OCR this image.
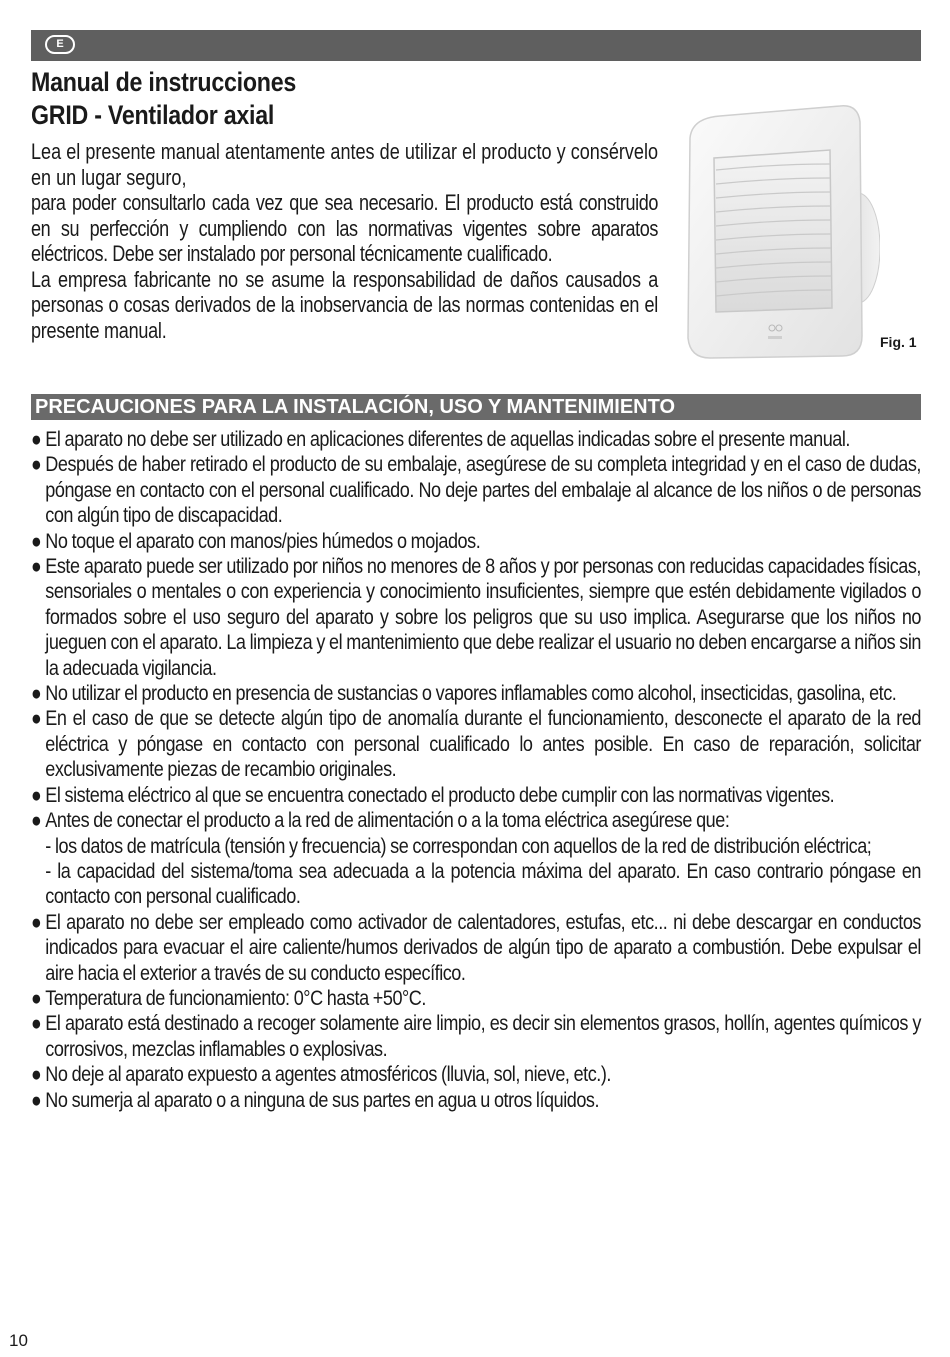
E
Manual de instrucciones
GRID - Ventilador axial

Lea el presente manual atentamente antes de utilizar el producto y consérvelo en un lugar seguro,

para poder consultarlo cada vez que sea necesario. El producto está construido en su perfección y cumpliendo con las normativas vigentes sobre aparatos eléctricos. Debe ser instalado por personal técnicamente cualificado.

La empresa fabricante no se asume la responsabilidad de daños causados a personas o cosas derivados de la inobservancia de las normas contenidas en el presente manual.	Fig. 1
PRECAUCIONES PARA LA INSTALACIÓN, USO Y MANTENIMIENTO
● El aparato no debe ser utilizado en aplicaciones diferentes de aquellas indicadas sobre el presente manual.
● Después de haber retirado el producto de su embalaje, asegúrese de su completa integridad y en el caso de dudas, póngase en contacto con el personal cualificado. No deje partes del embalaje al alcance de los niños o de personas con algún tipo de discapacidad.
● No toque el aparato con manos/pies húmedos o mojados.
● Este aparato puede ser utilizado por niños no menores de 8 años y por personas con reducidas capacidades físicas, sensoriales o mentales o con experiencia y conocimiento insuficientes, siempre que estén debidamente vigilados o formados sobre el uso seguro del aparato y sobre los peligros que su uso implica. Asegurarse que los niños no jueguen con el aparato. La limpieza y el mantenimiento que debe realizar el usuario no deben encargarse a niños sin la adecuada vigilancia.
● No utilizar el producto en presencia de sustancias o vapores inflamables como alcohol, insecticidas, gasolina, etc.
● En el caso de que se detecte algún tipo de anomalía durante el funcionamiento, desconecte el aparato de la red eléctrica y póngase en contacto con personal cualificado lo antes posible. En caso de reparación, solicitar exclusivamente piezas de recambio originales.
● El sistema eléctrico al que se encuentra conectado el producto debe cumplir con las normativas vigentes.
● Antes de conectar el producto a la red de alimentación o a la toma eléctrica asegúrese que:
- los datos de matrícula (tensión y frecuencia) se correspondan con aquellos de la red de distribución eléctrica;
- la capacidad del sistema/toma sea adecuada a la potencia máxima del aparato. En caso contrario póngase en contacto con personal cualificado.
● El aparato no debe ser empleado como activador de calentadores, estufas, etc... ni debe descargar en conductos indicados para evacuar el aire caliente/humos derivados de algún tipo de aparato a combustión. Debe expulsar el aire hacia el exterior a través de su conducto específico.
● Temperatura de funcionamiento: 0°C hasta +50°C.
● El aparato está destinado a recoger solamente aire limpio, es decir sin elementos grasos, hollín, agentes químicos y corrosivos, mezclas inflamables o explosivas.
● No deje al aparato expuesto a agentes atmosféricos (lluvia, sol, nieve, etc.).
● No sumerja al aparato o a ninguna de sus partes en agua u otros líquidos.
10
